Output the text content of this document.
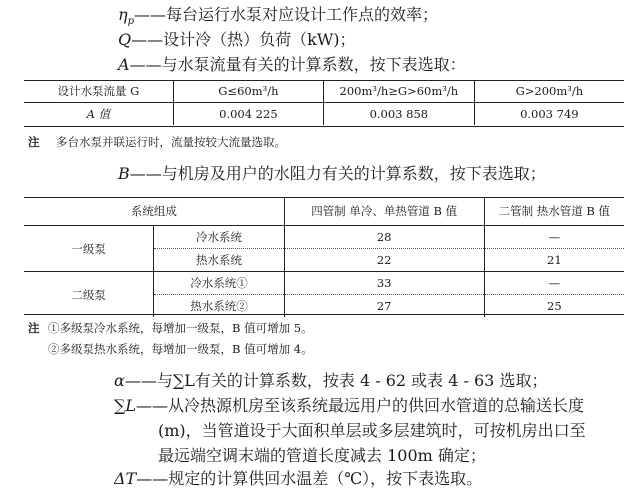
$\eta_p——$每台运行水泵对应设计工作点的效率；
Q——设计冷（热）负荷（kW)；
A——与水泵流量有关的计算系数，按下表选取：
设计水泵流量 G	G≤60m³/h	200m³/h≥G>60m³/h	G>200m³/h
A 值	0.004 225	0.003 858	0.003 749
注 多台水泵并联运行时，流量按较大流量选取。
B——与机房及用户的水阻力有关的计算系数，按下表选取；
系统组成		四管制 单冷、单热管道 B 值	二管制 热水管道 B 值
一级泵	冷水系统	28	—
	热水系统	22	21
二级泵	冷水系统①	33	—
	热水系统②	27	25
注 ①多级泵冷水系统，每增加一级泵，B 值可增加 5。
②多级泵热水系统，每增加一级泵，B 值可增加 4。
α——与∑L有关的计算系数，按表 4 - 62 或表 4 - 63 选取；
∑L——从冷热源机房至该系统最远用户的供回水管道的总输送长度
(m)，当管道设于大面积单层或多层建筑时，可按机房出口至
最远端空调末端的管道长度减去 100m 确定；
ΔT——规定的计算供回水温差（℃），按下表选取。
